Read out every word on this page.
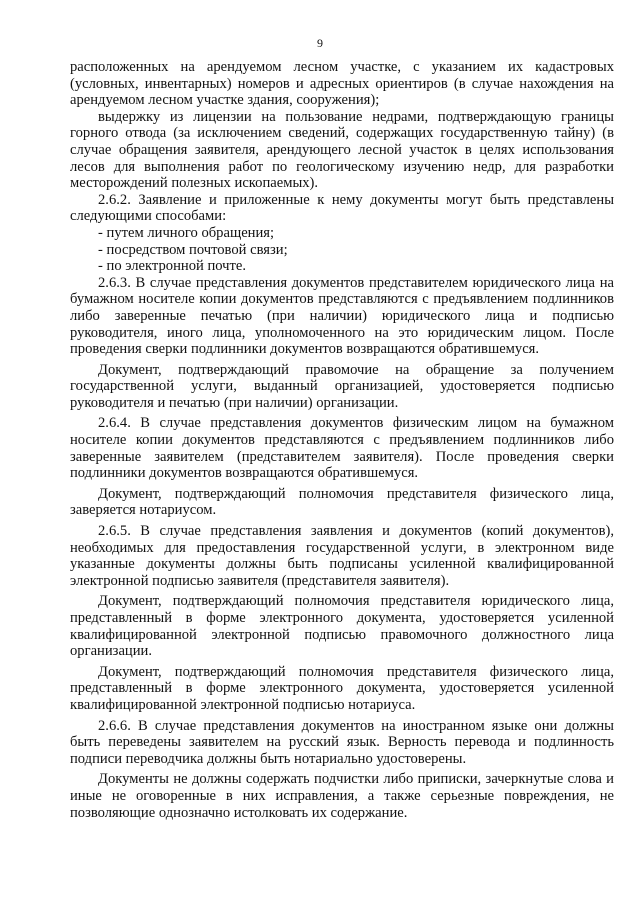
9

расположенных на арендуемом лесном участке, с указанием их кадастровых (условных, инвентарных) номеров и адресных ориентиров (в случае нахождения на арендуемом лесном участке здания, сооружения);

выдержку из лицензии на пользование недрами, подтверждающую границы горного отвода (за исключением сведений, содержащих государственную тайну) (в случае обращения заявителя, арендующего лесной участок в целях использования лесов для выполнения работ по геологическому изучению недр, для разработки месторождений полезных ископаемых).

2.6.2. Заявление и приложенные к нему документы могут быть представлены следующими способами:

- путем личного обращения;

- посредством почтовой связи;

- по электронной почте.

2.6.3. В случае представления документов представителем юридического лица на бумажном носителе копии документов представляются с предъявлением подлинников либо заверенные печатью (при наличии) юридического лица и подписью руководителя, иного лица, уполномоченного на это юридическим лицом. После проведения сверки подлинники документов возвращаются обратившемуся.

Документ, подтверждающий правомочие на обращение за получением государственной услуги, выданный организацией, удостоверяется подписью руководителя и печатью (при наличии) организации.

2.6.4. В случае представления документов физическим лицом на бумажном носителе копии документов представляются с предъявлением подлинников либо заверенные заявителем (представителем заявителя). После проведения сверки подлинники документов возвращаются обратившемуся.

Документ, подтверждающий полномочия представителя физического лица, заверяется нотариусом.

2.6.5. В случае представления заявления и документов (копий документов), необходимых для предоставления государственной услуги, в электронном виде указанные документы должны быть подписаны усиленной квалифицированной электронной подписью заявителя (представителя заявителя).

Документ, подтверждающий полномочия представителя юридического лица, представленный в форме электронного документа, удостоверяется усиленной квалифицированной электронной подписью правомочного должностного лица организации.

Документ, подтверждающий полномочия представителя физического лица, представленный в форме электронного документа, удостоверяется усиленной квалифицированной электронной подписью нотариуса.

2.6.6. В случае представления документов на иностранном языке они должны быть переведены заявителем на русский язык. Верность перевода и подлинность подписи переводчика должны быть нотариально удостоверены.

Документы не должны содержать подчистки либо приписки, зачеркнутые слова и иные не оговоренные в них исправления, а также серьезные повреждения, не позволяющие однозначно истолковать их содержание.
